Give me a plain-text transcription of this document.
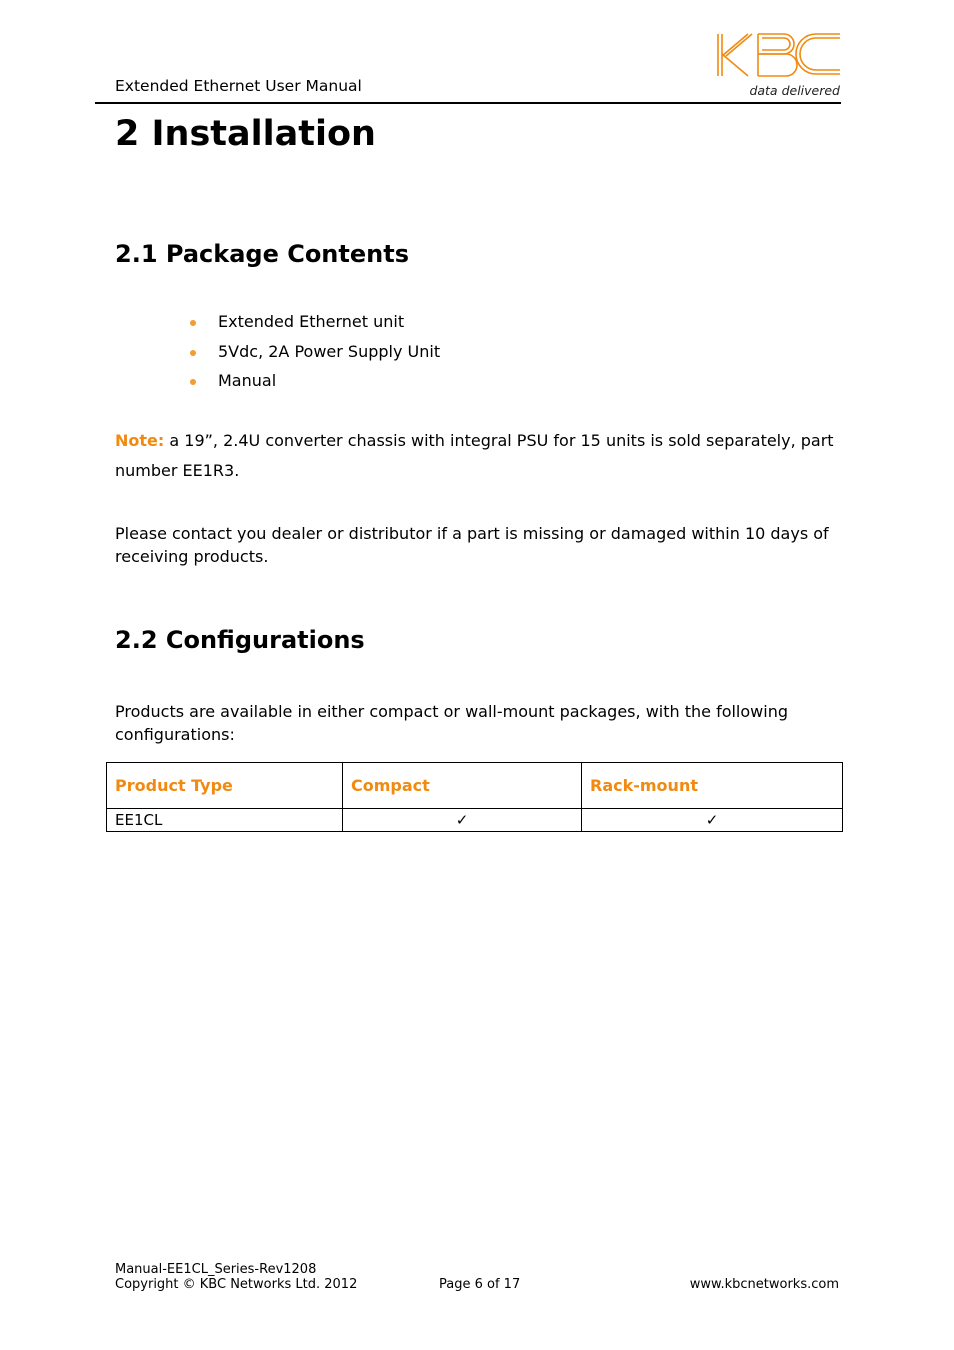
Extended Ethernet User Manual	data delivered
2 Installation
2.1 Package Contents
Extended Ethernet unit
5Vdc, 2A Power Supply Unit
Manual
Note: a 19”, 2.4U converter chassis with integral PSU for 15 units is sold separately, part number EE1R3.
Please contact you dealer or distributor if a part is missing or damaged within 10 days of receiving products.
2.2 Configurations
Products are available in either compact or wall-mount packages, with the following configurations:
Product Type	Compact	Rack-mount
EE1CL	✓	✓
Manual-EE1CL_Series-Rev1208
Copyright © KBC Networks Ltd. 2012	Page 6 of 17	www.kbcnetworks.com
